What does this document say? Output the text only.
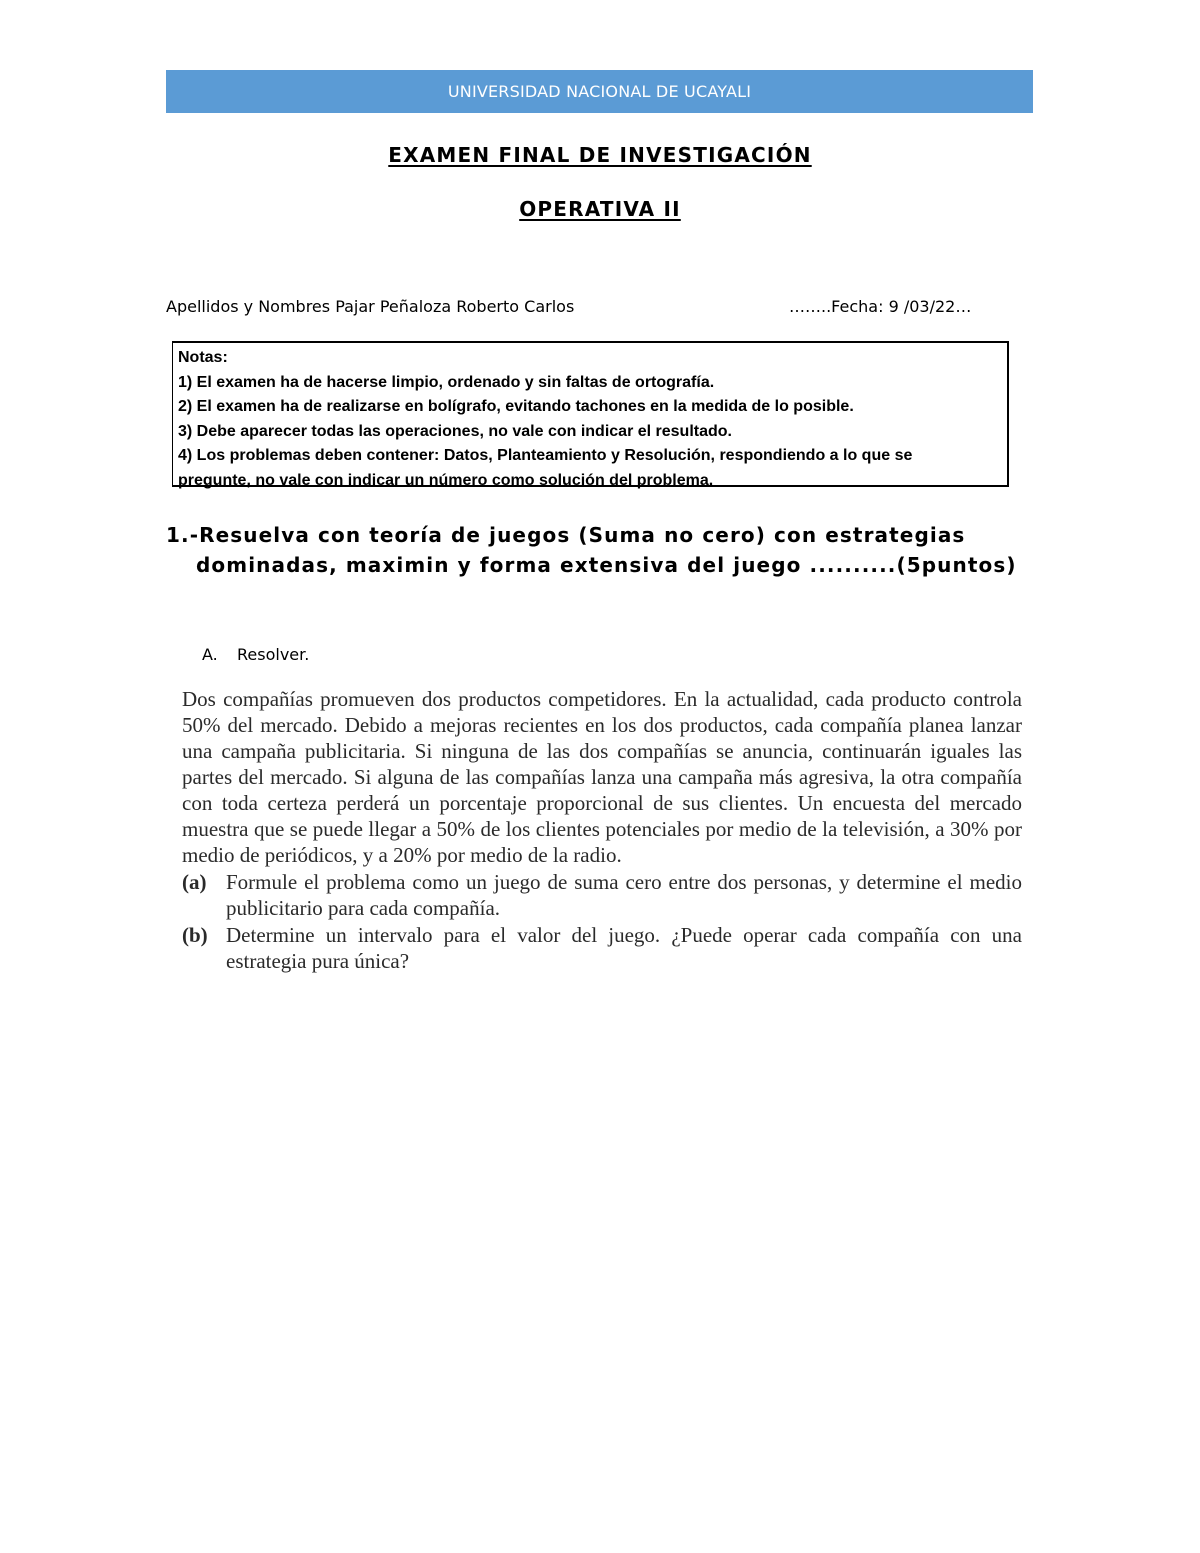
UNIVERSIDAD NACIONAL DE UCAYALI
EXAMEN FINAL DE INVESTIGACIÓN
OPERATIVA II
Apellidos y Nombres Pajar Peñaloza Roberto Carlos	……..Fecha: 9 /03/22…
Notas:
1) El examen ha de hacerse limpio, ordenado y sin faltas de ortografía.
2) El examen ha de realizarse en bolígrafo, evitando tachones en la medida de lo posible.
3) Debe aparecer todas las operaciones, no vale con indicar el resultado.
4) Los problemas deben contener: Datos, Planteamiento y Resolución, respondiendo a lo que se
pregunte, no vale con indicar un número como solución del problema.
1.-Resuelva con teoría de juegos (Suma no cero) con estrategias
dominadas, maximin y forma extensiva del juego ..........(5puntos)
A. Resolver.

Dos compañías promueven dos productos competidores. En la actualidad, cada producto controla 50% del mercado. Debido a mejoras recientes en los dos productos, cada compañía planea lanzar una campaña publicitaria. Si ninguna de las dos compañías se anuncia, continuarán iguales las partes del mercado. Si alguna de las compañías lanza una campaña más agresiva, la otra compañía con toda certeza perderá un porcentaje proporcional de sus clientes. Un encuesta del mercado muestra que se puede llegar a 50% de los clientes potenciales por medio de la televisión, a 30% por medio de periódicos, y a 20% por medio de la radio.

(a) Formule el problema como un juego de suma cero entre dos personas, y determine el medio publicitario para cada compañía.
(b) Determine un intervalo para el valor del juego. ¿Puede operar cada compañía con una estrategia pura única?
